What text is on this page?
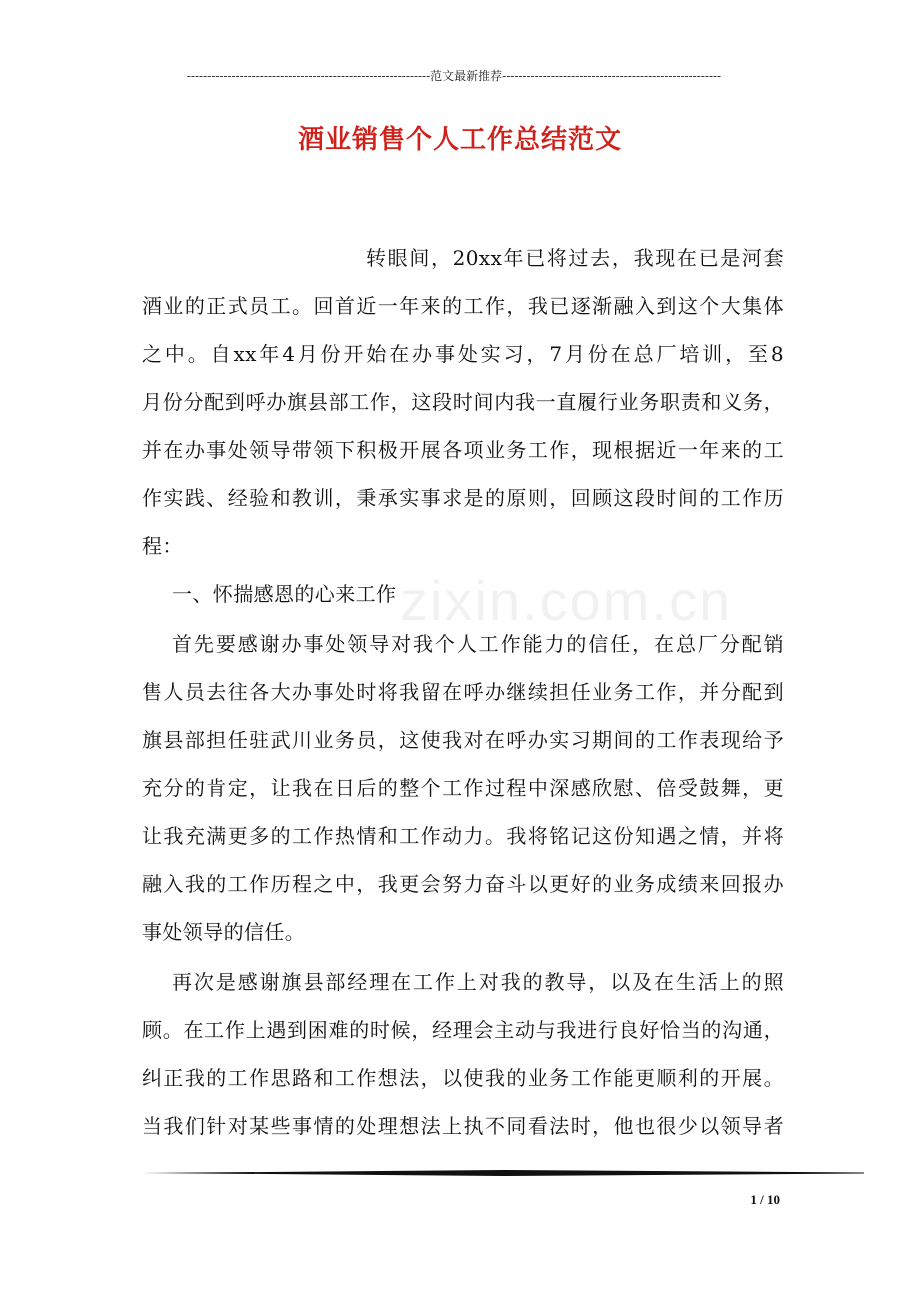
------------------------------------------------------------范文最新推荐------------------------------------------------------
酒业销售个人工作总结范文
zixin.com.cn
转眼间，20xx年已将过去，我现在已是河套
酒业的正式员工。回首近一年来的工作，我已逐渐融入到这个大集体
之中。自xx年4月份开始在办事处实习，7月份在总厂培训，至8
月份分配到呼办旗县部工作，这段时间内我一直履行业务职责和义务，
并在办事处领导带领下积极开展各项业务工作，现根据近一年来的工
作实践、经验和教训，秉承实事求是的原则，回顾这段时间的工作历
程：
一、怀揣感恩的心来工作
首先要感谢办事处领导对我个人工作能力的信任，在总厂分配销
售人员去往各大办事处时将我留在呼办继续担任业务工作，并分配到
旗县部担任驻武川业务员，这使我对在呼办实习期间的工作表现给予
充分的肯定，让我在日后的整个工作过程中深感欣慰、倍受鼓舞，更
让我充满更多的工作热情和工作动力。我将铭记这份知遇之情，并将
融入我的工作历程之中，我更会努力奋斗以更好的业务成绩来回报办
事处领导的信任。
再次是感谢旗县部经理在工作上对我的教导，以及在生活上的照
顾。在工作上遇到困难的时候，经理会主动与我进行良好恰当的沟通，
纠正我的工作思路和工作想法，以使我的业务工作能更顺利的开展。
当我们针对某些事情的处理想法上执不同看法时，他也很少以领导者
1 / 10
